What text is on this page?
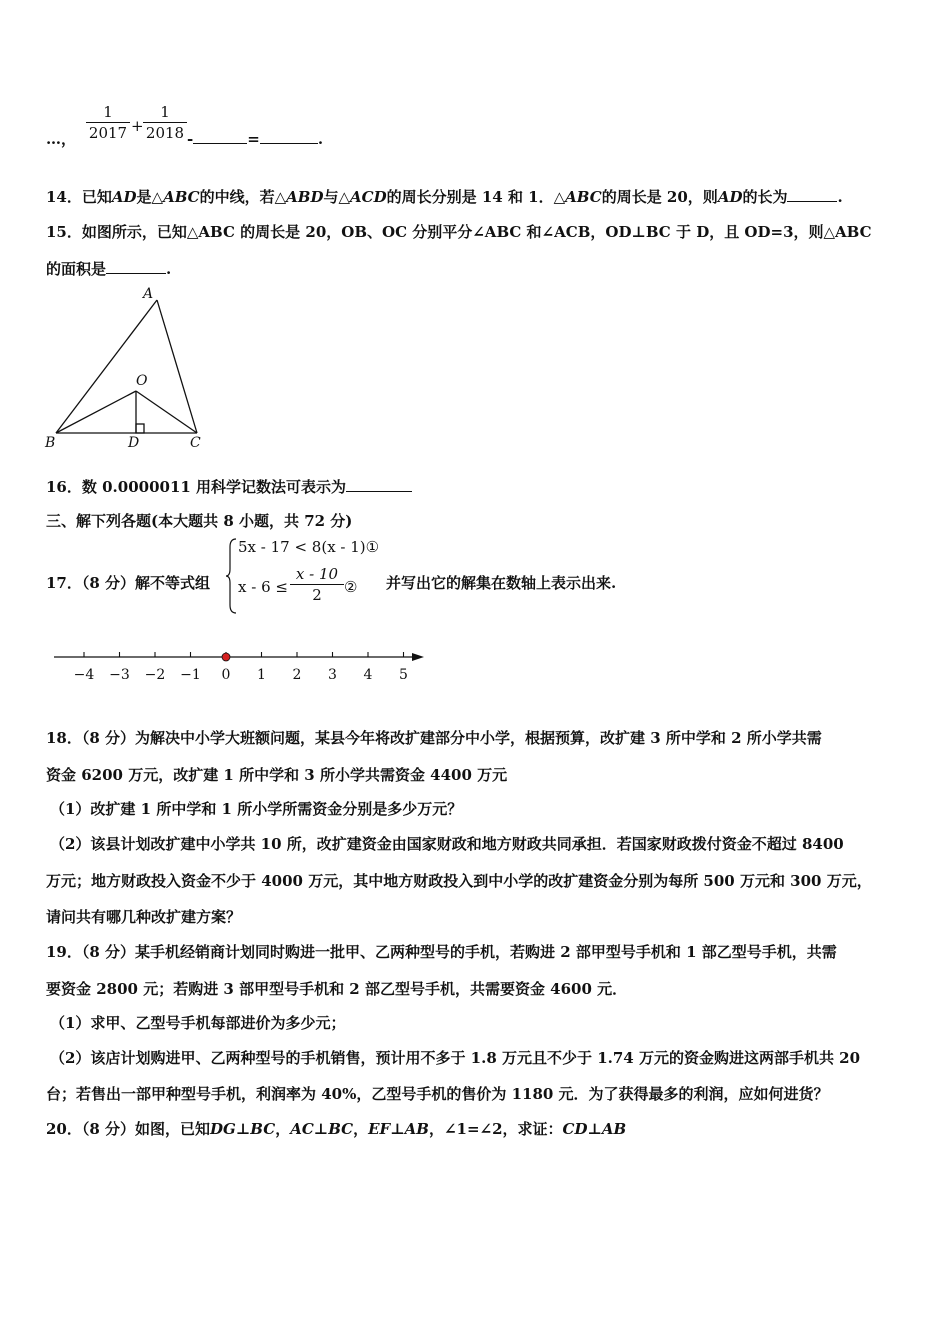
…，
1
2017 +
1
2018 -	=	.
14．已知AD是△ABC的中线，若△ABD与△ACD的周长分别是 14 和 1．△ABC的周长是 20，则AD的长为	.
15．如图所示，已知△ABC 的周长是 20，OB、OC 分别平分∠ABC 和∠ACB，OD⊥BC 于 D，且 OD=3，则△ABC
的面积是	.
A
O
B	D	C
16．数 0.0000011 用科学记数法可表示为
三、解下列各题(本大题共 8 小题，共 72 分)
17．（8 分）解不等式组
5x - 17 < 8(x - 1)①
x - 6 ≤
x - 10
2	② 并写出它的解集在数轴上表示出来.
−4 −3 −2 −1 0 1 2 3 4 5
18．（8 分）为解决中小学大班额问题，某县今年将改扩建部分中小学，根据预算，改扩建 3 所中学和 2 所小学共需
资金 6200 万元，改扩建 1 所中学和 3 所小学共需资金 4400 万元
（1）改扩建 1 所中学和 1 所小学所需资金分别是多少万元？
（2）该县计划改扩建中小学共 10 所，改扩建资金由国家财政和地方财政共同承担．若国家财政拨付资金不超过 8400
万元；地方财政投入资金不少于 4000 万元，其中地方财政投入到中小学的改扩建资金分别为每所 500 万元和 300 万元，
请问共有哪几种改扩建方案？
19．（8 分）某手机经销商计划同时购进一批甲、乙两种型号的手机，若购进 2 部甲型号手机和 1 部乙型号手机，共需
要资金 2800 元；若购进 3 部甲型号手机和 2 部乙型号手机，共需要资金 4600 元．
（1）求甲、乙型号手机每部进价为多少元；
（2）该店计划购进甲、乙两种型号的手机销售，预计用不多于 1.8 万元且不少于 1.74 万元的资金购进这两部手机共 20
台；若售出一部甲种型号手机，利润率为 40%，乙型号手机的售价为 1180 元．为了获得最多的利润，应如何进货？
20．（8 分）如图，已知DG⊥BC，AC⊥BC，EF⊥AB，∠1=∠2，求证：CD⊥AB
